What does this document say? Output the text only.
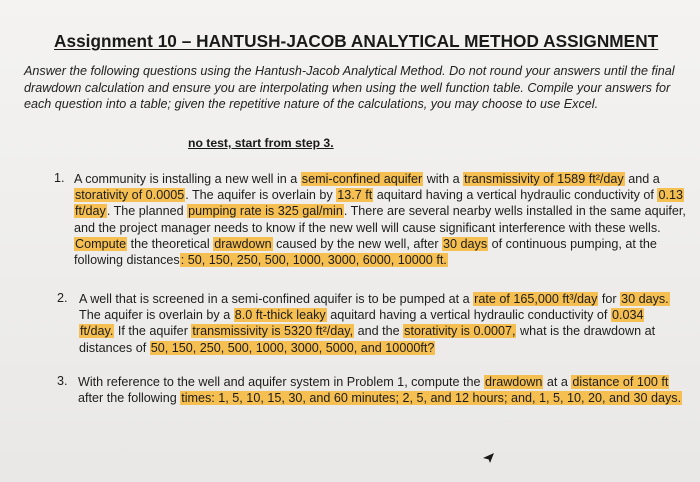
Assignment 10 – HANTUSH-JACOB ANALYTICAL METHOD ASSIGNMENT
Answer the following questions using the Hantush-Jacob Analytical Method. Do not round your answers until the final drawdown calculation and ensure you are interpolating when using the well function table. Compile your answers for each question into a table; given the repetitive nature of the calculations, you may choose to use Excel.
no test, start from step 3.
1. A community is installing a new well in a semi-confined aquifer with a transmissivity of 1589 ft²/day and a storativity of 0.0005. The aquifer is overlain by 13.7 ft aquitard having a vertical hydraulic conductivity of 0.13 ft/day. The planned pumping rate is 325 gal/min. There are several nearby wells installed in the same aquifer, and the project manager needs to know if the new well will cause significant interference with these wells. Compute the theoretical drawdown caused by the new well, after 30 days of continuous pumping, at the following distances: 50, 150, 250, 500, 1000, 3000, 6000, 10000 ft.
2. A well that is screened in a semi-confined aquifer is to be pumped at a rate of 165,000 ft³/day for 30 days. The aquifer is overlain by a 8.0 ft-thick leaky aquitard having a vertical hydraulic conductivity of 0.034 ft/day. If the aquifer transmissivity is 5320 ft²/day, and the storativity is 0.0007, what is the drawdown at distances of 50, 150, 250, 500, 1000, 3000, 5000, and 10000ft?
3. With reference to the well and aquifer system in Problem 1, compute the drawdown at a distance of 100 ft after the following times: 1, 5, 10, 15, 30, and 60 minutes; 2, 5, and 12 hours; and, 1, 5, 10, 20, and 30 days.
